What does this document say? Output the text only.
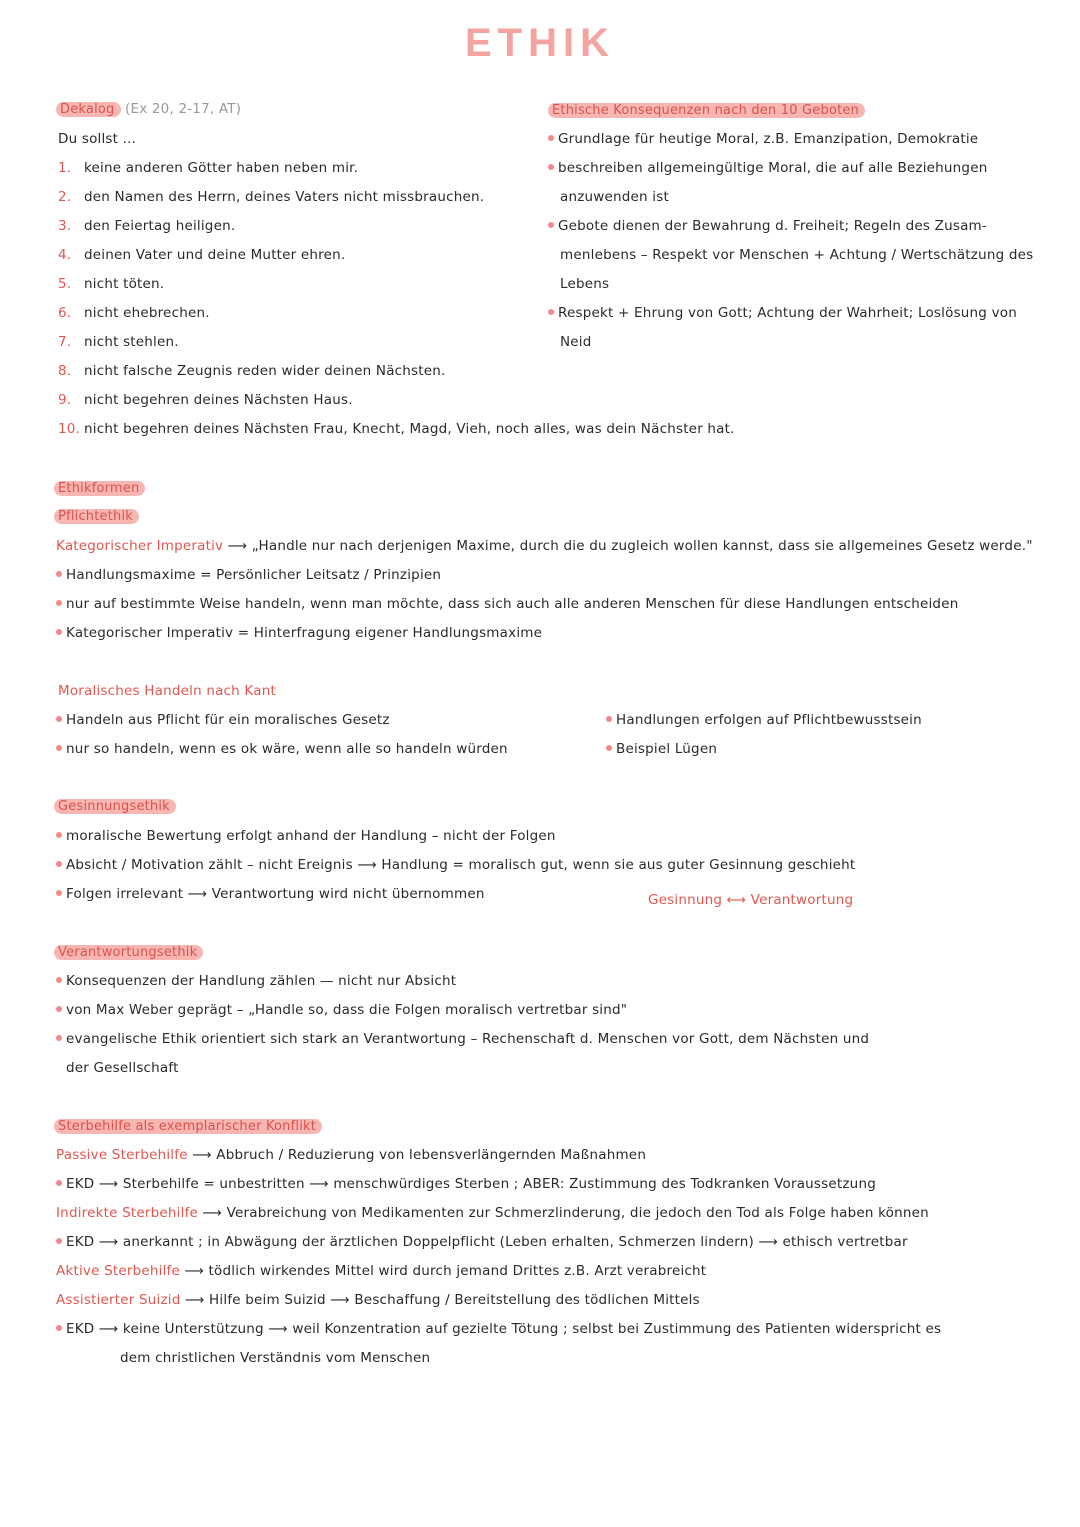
ETHIK
Dekalog (Ex 20, 2-17, AT)
Du sollst ...
1. keine anderen Götter haben neben mir.
2. den Namen des Herrn, deines Vaters nicht missbrauchen.
3. den Feiertag heiligen.
4. deinen Vater und deine Mutter ehren.
5. nicht töten.
6. nicht ehebrechen.
7. nicht stehlen.
8. nicht falsche Zeugnis reden wider deinen Nächsten.
9. nicht begehren deines Nächsten Haus.
10. nicht begehren deines Nächsten Frau, Knecht, Magd, Vieh, noch alles, was dein Nächster hat.
Ethische Konsequenzen nach den 10 Geboten
Grundlage für heutige Moral, z.B. Emanzipation, Demokratie
beschreiben allgemeingültige Moral, die auf alle Beziehungen
anzuwenden ist
Gebote dienen der Bewahrung d. Freiheit; Regeln des Zusam-
menlebens – Respekt vor Menschen + Achtung / Wertschätzung des
Lebens
Respekt + Ehrung von Gott; Achtung der Wahrheit; Loslösung von
Neid
Ethikformen
Pflichtethik
Kategorischer Imperativ ⟶ „Handle nur nach derjenigen Maxime, durch die du zugleich wollen kannst, dass sie allgemeines Gesetz werde."
Handlungsmaxime = Persönlicher Leitsatz / Prinzipien
nur auf bestimmte Weise handeln, wenn man möchte, dass sich auch alle anderen Menschen für diese Handlungen entscheiden
Kategorischer Imperativ = Hinterfragung eigener Handlungsmaxime
Moralisches Handeln nach Kant
Handeln aus Pflicht für ein moralisches Gesetz
nur so handeln, wenn es ok wäre, wenn alle so handeln würden
Handlungen erfolgen auf Pflichtbewusstsein
Beispiel Lügen
Gesinnungsethik
moralische Bewertung erfolgt anhand der Handlung – nicht der Folgen
Absicht / Motivation zählt – nicht Ereignis ⟶ Handlung = moralisch gut, wenn sie aus guter Gesinnung geschieht
Folgen irrelevant ⟶ Verantwortung wird nicht übernommen	Gesinnung ⟷ Verantwortung
Verantwortungsethik
Konsequenzen der Handlung zählen — nicht nur Absicht
von Max Weber geprägt – „Handle so, dass die Folgen moralisch vertretbar sind"
evangelische Ethik orientiert sich stark an Verantwortung – Rechenschaft d. Menschen vor Gott, dem Nächsten und
der Gesellschaft
Sterbehilfe als exemplarischer Konflikt
Passive Sterbehilfe ⟶ Abbruch / Reduzierung von lebensverlängernden Maßnahmen
EKD ⟶ Sterbehilfe = unbestritten ⟶ menschwürdiges Sterben ; ABER: Zustimmung des Todkranken Voraussetzung
Indirekte Sterbehilfe ⟶ Verabreichung von Medikamenten zur Schmerzlinderung, die jedoch den Tod als Folge haben können
EKD ⟶ anerkannt ; in Abwägung der ärztlichen Doppelpflicht (Leben erhalten, Schmerzen lindern) ⟶ ethisch vertretbar
Aktive Sterbehilfe ⟶ tödlich wirkendes Mittel wird durch jemand Drittes z.B. Arzt verabreicht
Assistierter Suizid ⟶ Hilfe beim Suizid ⟶ Beschaffung / Bereitstellung des tödlichen Mittels
EKD ⟶ keine Unterstützung ⟶ weil Konzentration auf gezielte Tötung ; selbst bei Zustimmung des Patienten widerspricht es
dem christlichen Verständnis vom Menschen
